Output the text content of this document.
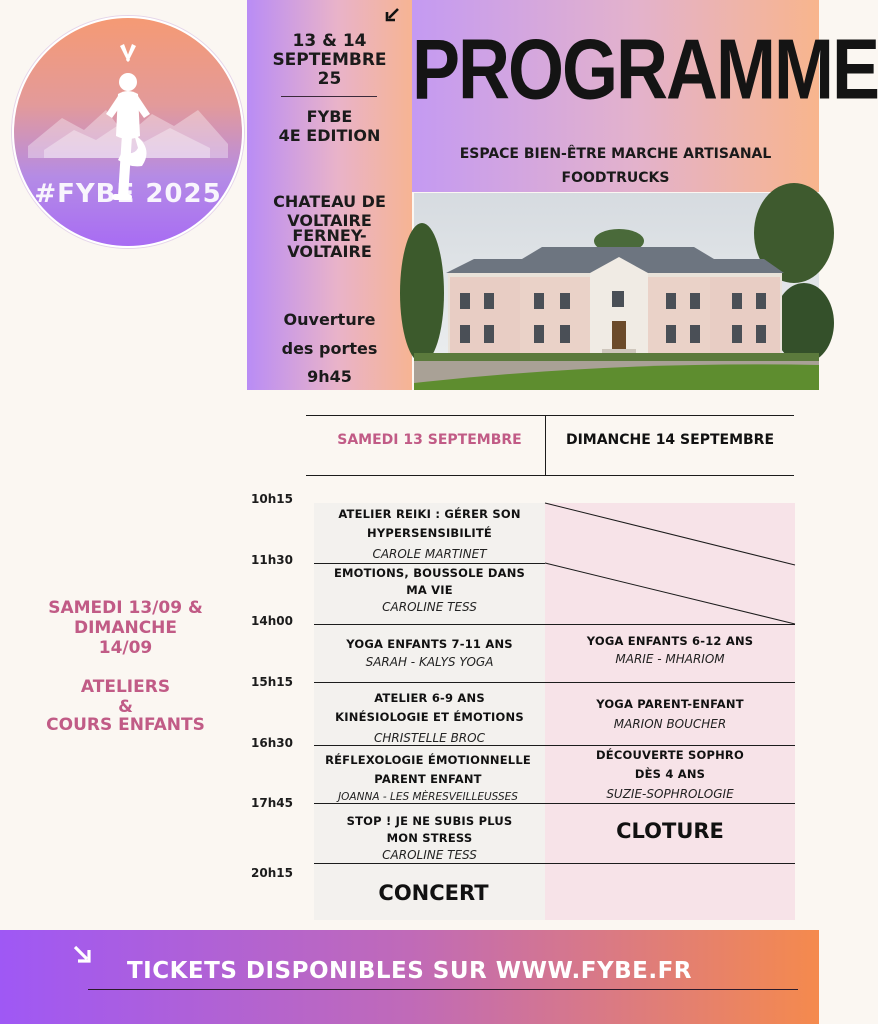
#FYBE 2025
13 & 14 SEPTEMBRE 25
FYBE
4E EDITION
CHATEAU DE
VOLTAIRE
FERNEY-
VOLTAIRE
Ouverture
des portes
9h45
PROGRAMME
ESPACE BIEN-ÊTRE MARCHE ARTISANAL
FOODTRUCKS
SAMEDI 13/09 &
DIMANCHE
14/09
ATELIERS
&
COURS ENFANTS
SAMEDI 13 SEPTEMBRE	DIMANCHE 14 SEPTEMBRE
10h15
11h30
14h00
15h15
16h30
17h45
20h15
ATELIER REIKI : GÉRER SON
HYPERSENSIBILITÉ
CAROLE MARTINET
EMOTIONS, BOUSSOLE DANS
MA VIE
CAROLINE TESS
YOGA ENFANTS 7-11 ANS
SARAH - KALYS YOGA
ATELIER 6-9 ANS
KINÉSIOLOGIE ET ÉMOTIONS
CHRISTELLE BROC
RÉFLEXOLOGIE ÉMOTIONNELLE
PARENT ENFANT
JOANNA - LES MÈRESVEILLEUSSES
STOP ! JE NE SUBIS PLUS
MON STRESS
CAROLINE TESS
CONCERT
YOGA ENFANTS 6-12 ANS
MARIE - MHARIOM
YOGA PARENT-ENFANT
MARION BOUCHER
DÉCOUVERTE SOPHRO
DÈS 4 ANS
SUZIE-SOPHROLOGIE
CLOTURE
TICKETS DISPONIBLES SUR WWW.FYBE.FR
